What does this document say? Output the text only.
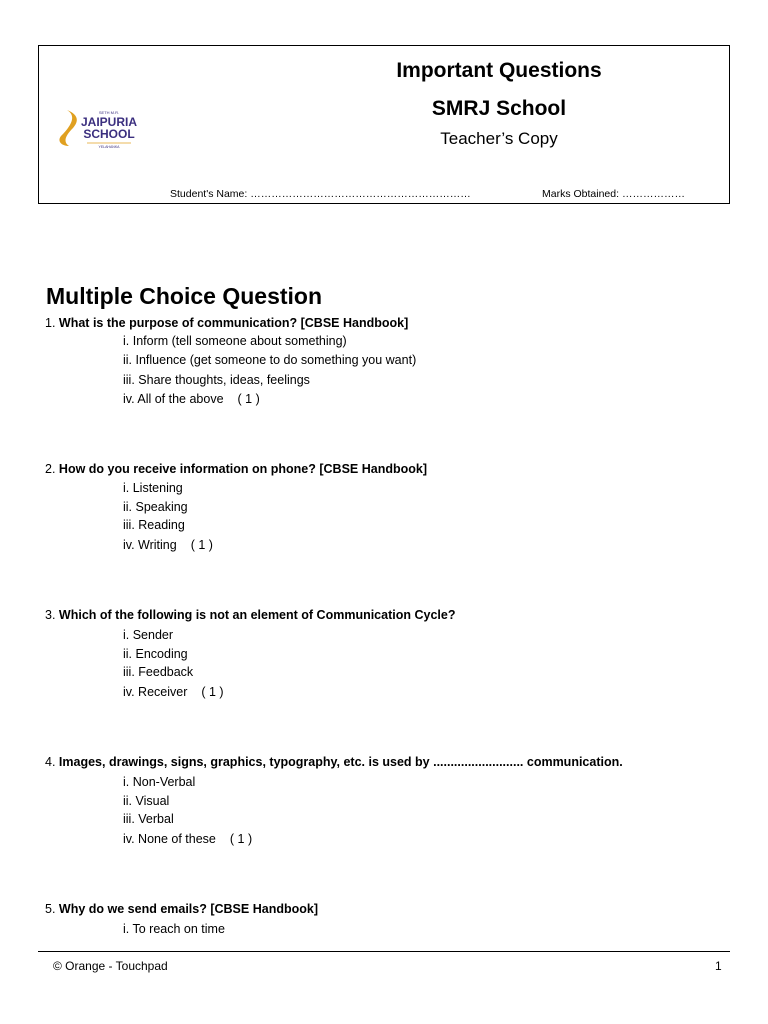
SETH M.R.
JAIPURIA
SCHOOL
YELAHANKA
Important Questions
SMRJ School
Teacher’s Copy
Student's Name: ………………………………………………………	Marks Obtained: ………………
Multiple Choice Question
1. What is the purpose of communication? [CBSE Handbook]
i. Inform (tell someone about something)
ii. Influence (get someone to do something you want)
iii. Share thoughts, ideas, feelings
iv. All of the above ( 1 )
2. How do you receive information on phone? [CBSE Handbook]
i. Listening
ii. Speaking
iii. Reading
iv. Writing ( 1 )
3. Which of the following is not an element of Communication Cycle?
i. Sender
ii. Encoding
iii. Feedback
iv. Receiver ( 1 )
4. Images, drawings, signs, graphics, typography, etc. is used by .......................... communication.
i. Non-Verbal
ii. Visual
iii. Verbal
iv. None of these ( 1 )
5. Why do we send emails? [CBSE Handbook]
i. To reach on time
© Orange - Touchpad	1
